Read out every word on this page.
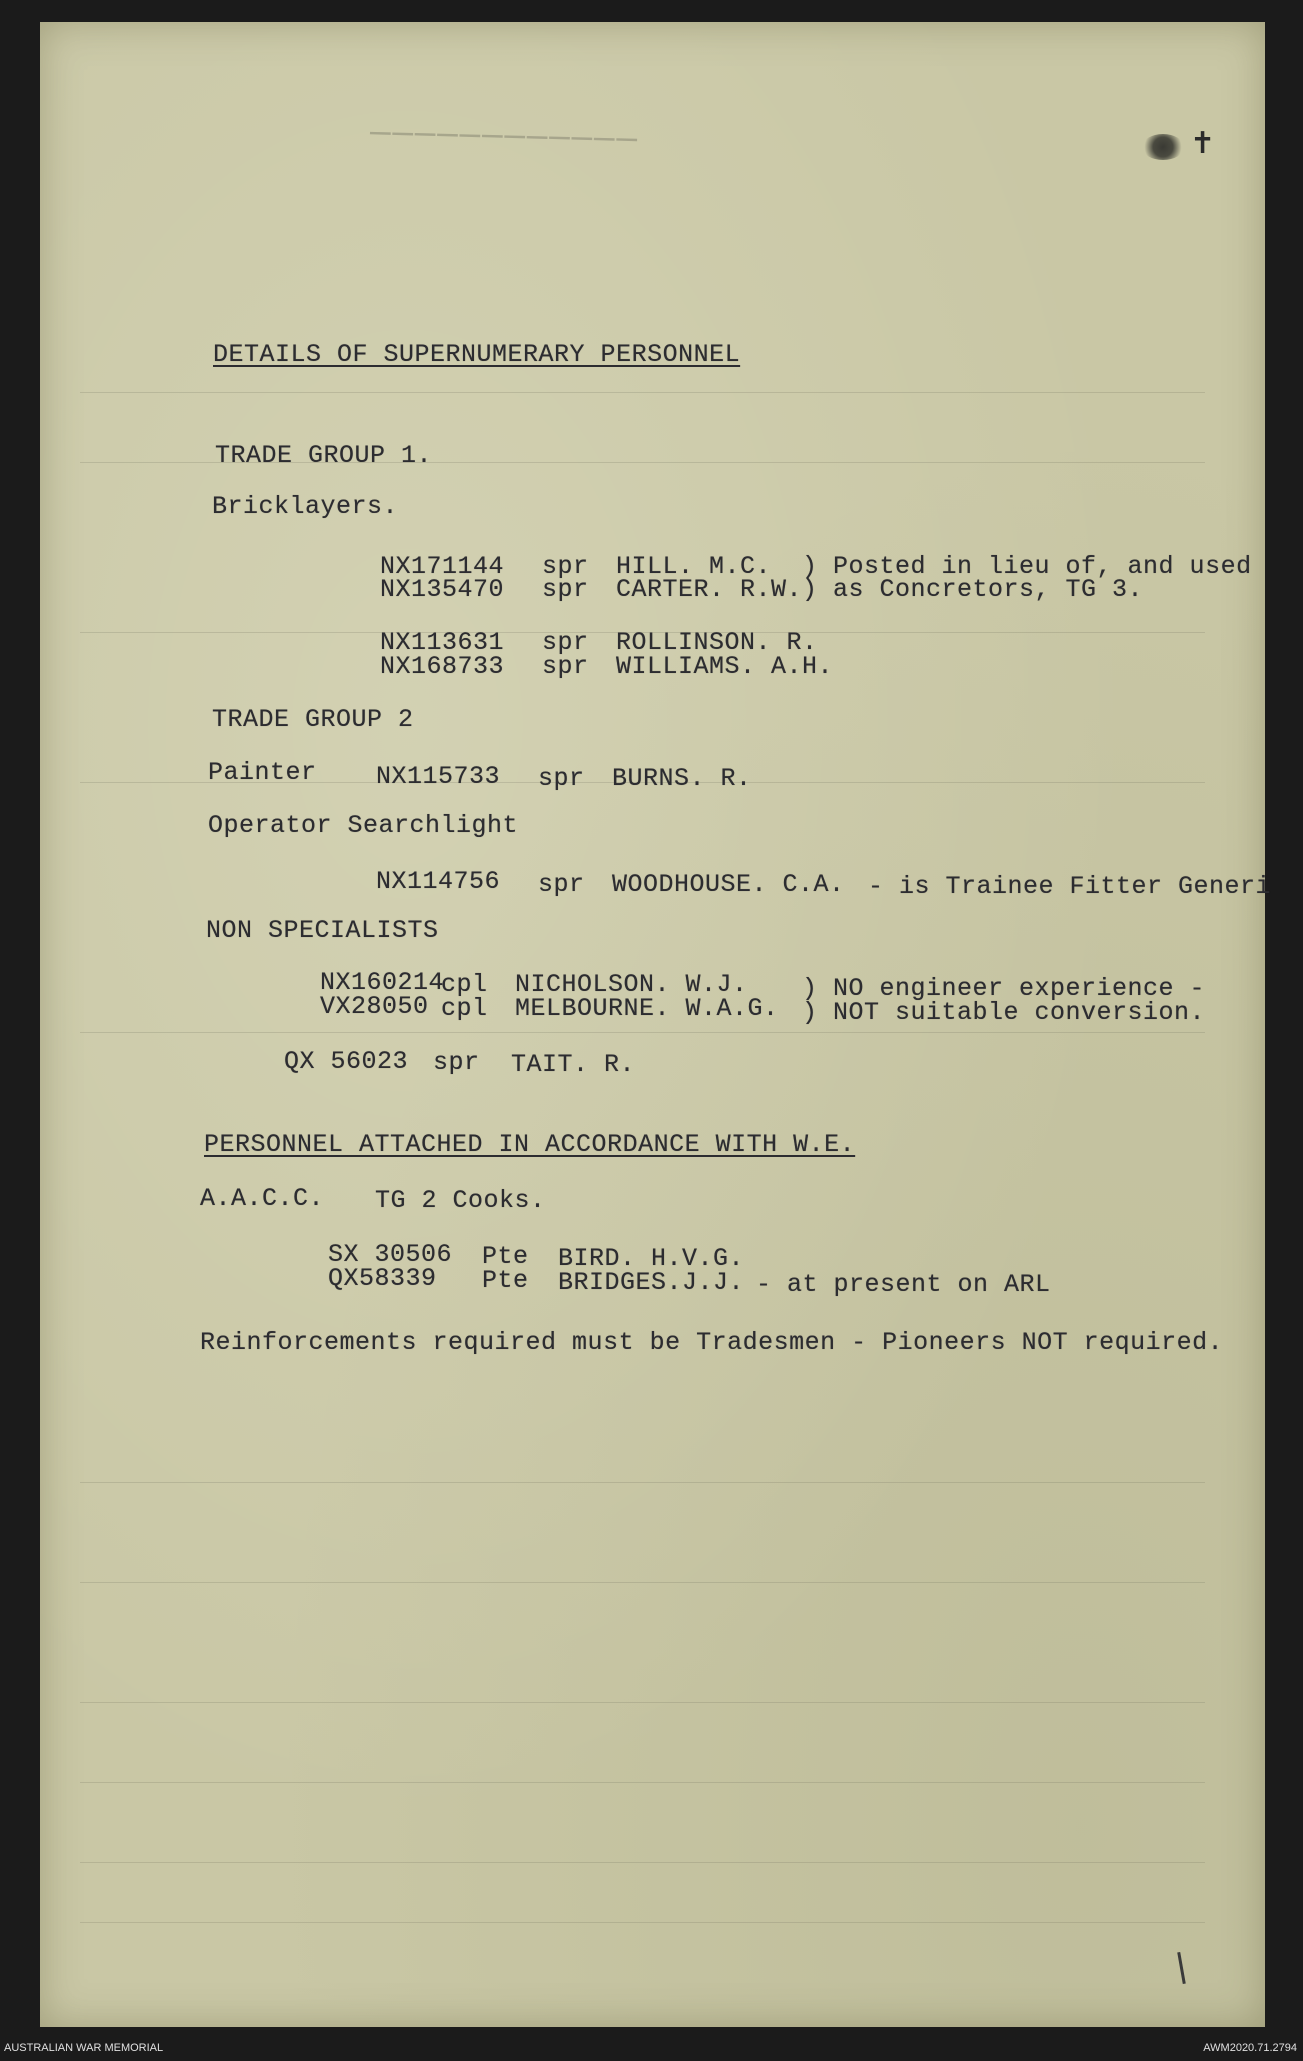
────────────	✝
DETAILS OF SUPERNUMERARY PERSONNEL
TRADE GROUP 1.
Bricklayers.
NX171144 spr HILL. M.C. ) Posted in lieu of, and used
NX135470 spr CARTER. R.W. ) as Concretors, TG 3.
NX113631 spr ROLLINSON. R.
NX168733 spr WILLIAMS. A.H.
TRADE GROUP 2
Painter NX115733 spr BURNS. R.
Operator Searchlight
NX114756 spr WOODHOUSE. C.A. - is Trainee Fitter Generi
NON SPECIALISTS
NX160214
cpl NICHOLSON. W.J. ) NO engineer experience -
VX28050 cpl MELBOURNE. W.A.G. ) NOT suitable conversion.
QX 56023 spr TAIT. R.
PERSONNEL ATTACHED IN ACCORDANCE WITH W.E.
A.A.C.C. TG 2 Cooks.
SX 30506 Pte BIRD. H.V.G.
QX58339 Pte BRIDGES.J.J. - at present on ARL
Reinforcements required must be Tradesmen - Pioneers NOT required.
AUSTRALIAN WAR MEMORIAL	AWM2020.71.2794
